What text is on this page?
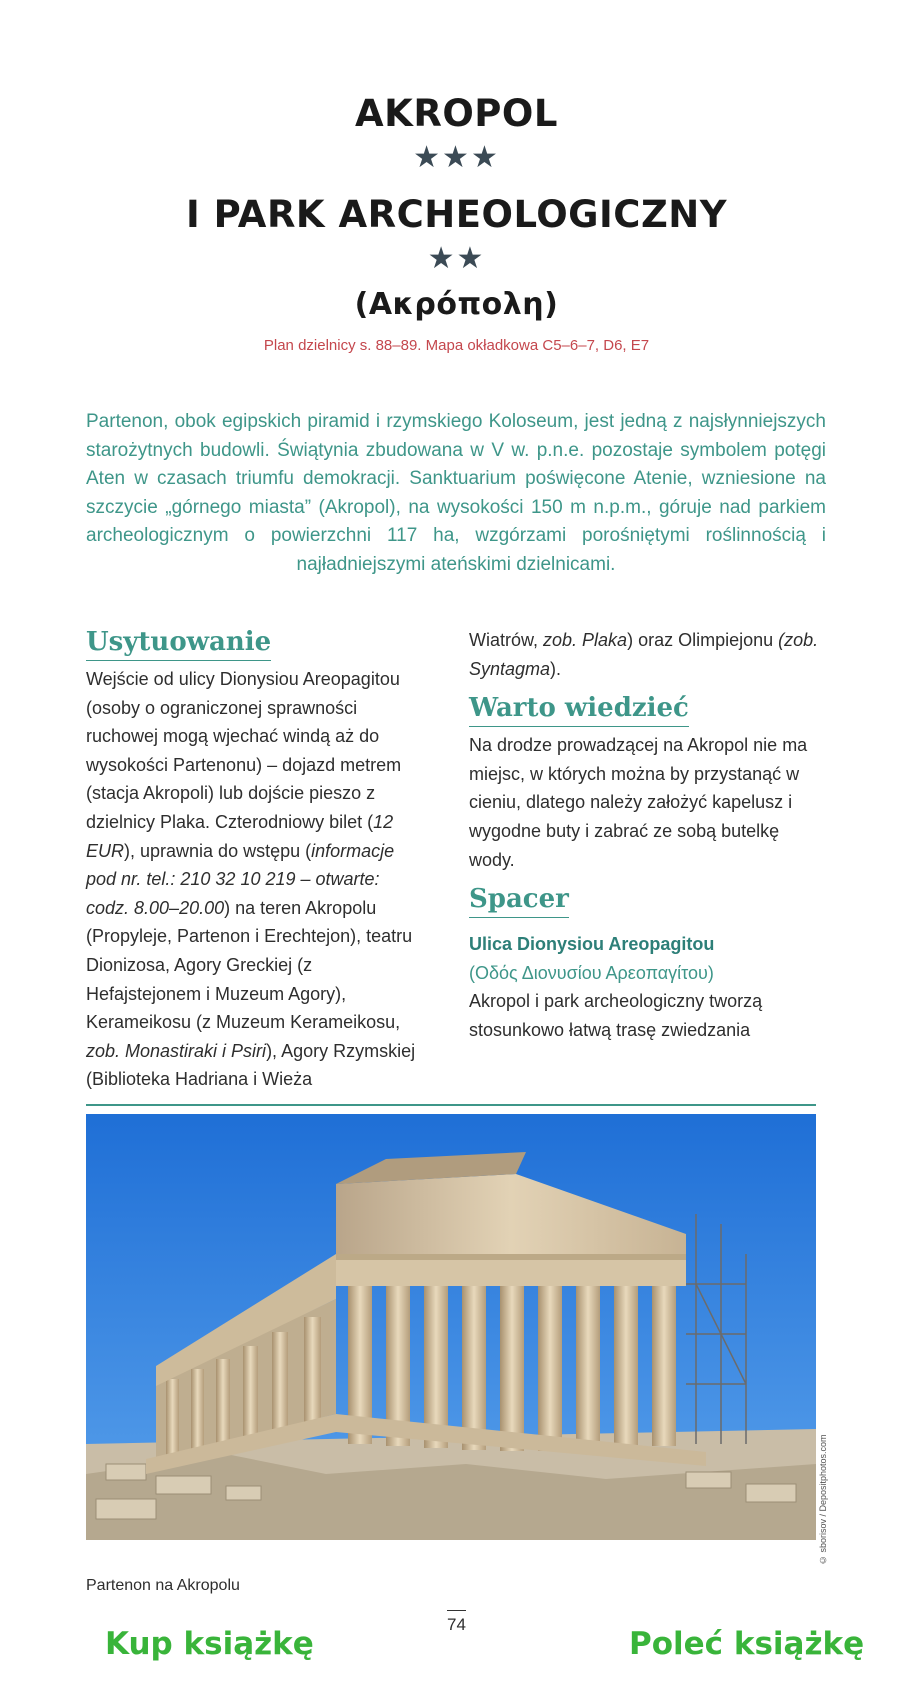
AKROPOL
★★★
I PARK ARCHEOLOGICZNY
★★
(Ακρόπολη)
Plan dzielnicy s. 88–89. Mapa okładkowa C5–6–7, D6, E7
Partenon, obok egipskich piramid i rzymskiego Koloseum, jest jedną z najsłynniejszych starożytnych budowli. Świątynia zbudowana w V w. p.n.e. pozostaje symbolem potęgi Aten w czasach triumfu demokracji. Sanktuarium poświęcone Atenie, wzniesione na szczycie „górnego miasta” (Akropol), na wysokości 150 m n.p.m., góruje nad parkiem archeologicznym o powierzchni 117 ha, wzgórzami porośniętymi roślinnością i najładniejszymi ateńskimi dzielnicami.
Usytuowanie

Wejście od ulicy Dionysiou Areopagitou (osoby o ograniczonej sprawności ruchowej mogą wjechać windą aż do wysokości Partenonu) – dojazd metrem (stacja Akropoli) lub dojście pieszo z dzielnicy Plaka. Czterodniowy bilet (12 EUR), uprawnia do wstępu (informacje pod nr. tel.: 210 32 10 219 – otwarte: codz. 8.00–20.00) na teren Akropolu (Propyleje, Partenon i Erechtejon), teatru Dionizosa, Agory Greckiej (z Hefajstejonem i Muzeum Agory), Kerameikosu (z Muzeum Kerameikosu, zob. Monastiraki i Psiri), Agory Rzymskiej (Biblioteka Hadriana i Wieża

Wiatrów, zob. Plaka) oraz Olimpiejonu (zob. Syntagma).

Warto wiedzieć

Na drodze prowadzącej na Akropol nie ma miejsc, w których można by przystanąć w cieniu, dlatego należy założyć kapelusz i wygodne buty i zabrać ze sobą butelkę wody.

Spacer

Ulica Dionysiou Areopagitou

(Οδός Διονυσίου Αρεοπαγίτου)

Akropol i park archeologiczny tworzą stosunkowo łatwą trasę zwiedzania

© sborisov / Depositphotos.com
Partenon na Akropolu
74
Kup książkę	Poleć książkę
